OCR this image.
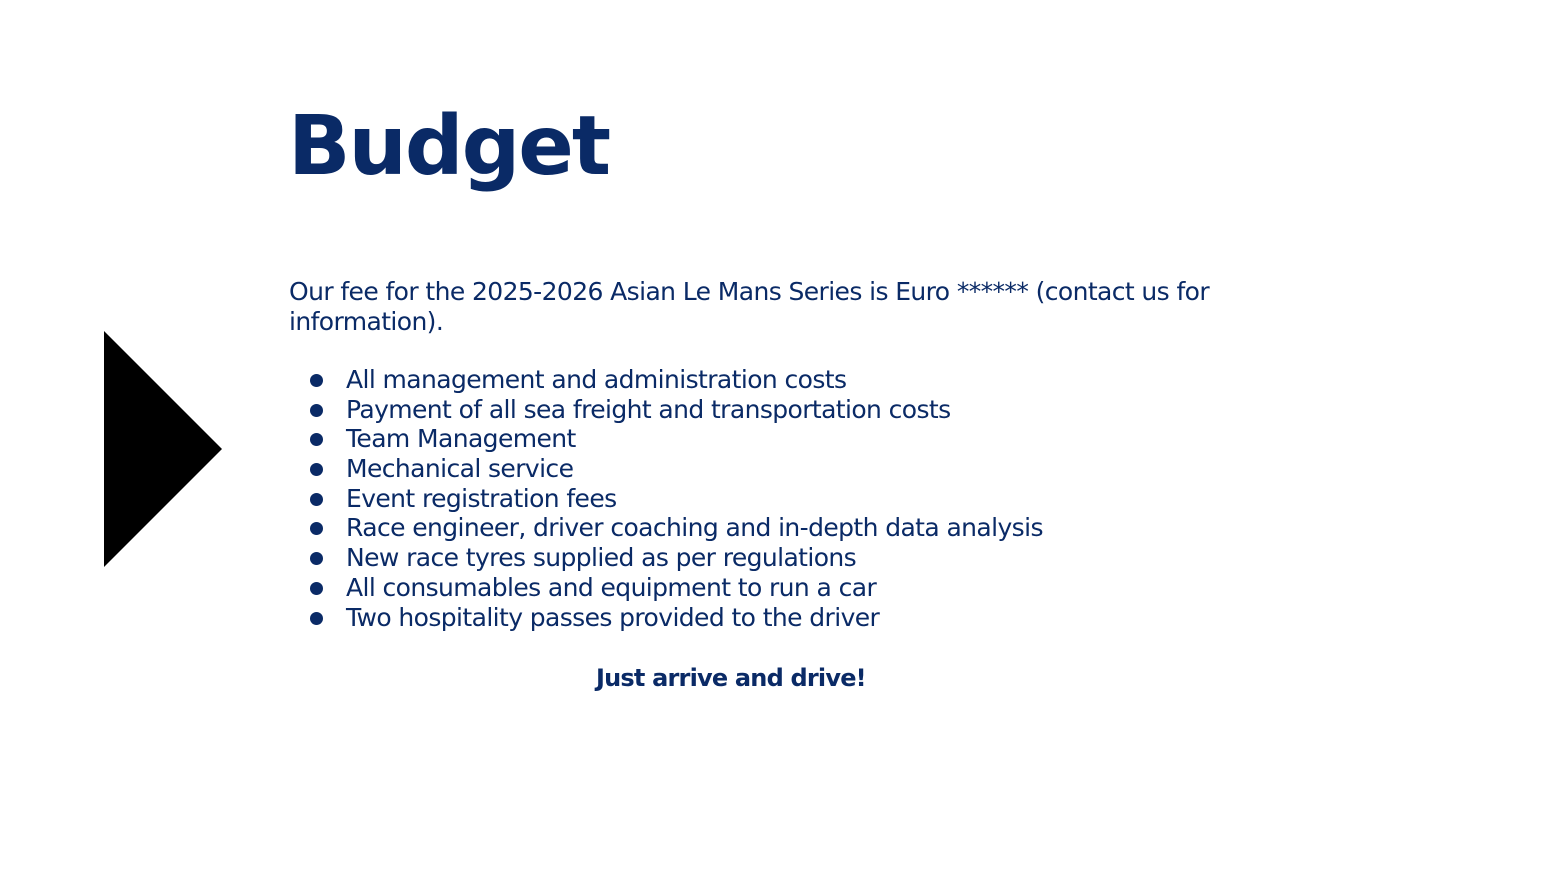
Budget

Our fee for the 2025-2026 Asian Le Mans Series is Euro ****** (contact us for information).

All management and administration costs
Payment of all sea freight and transportation costs
Team Management
Mechanical service
Event registration fees
Race engineer, driver coaching and in-depth data analysis
New race tyres supplied as per regulations
All consumables and equipment to run a car
Two hospitality passes provided to the driver

Just arrive and drive!
